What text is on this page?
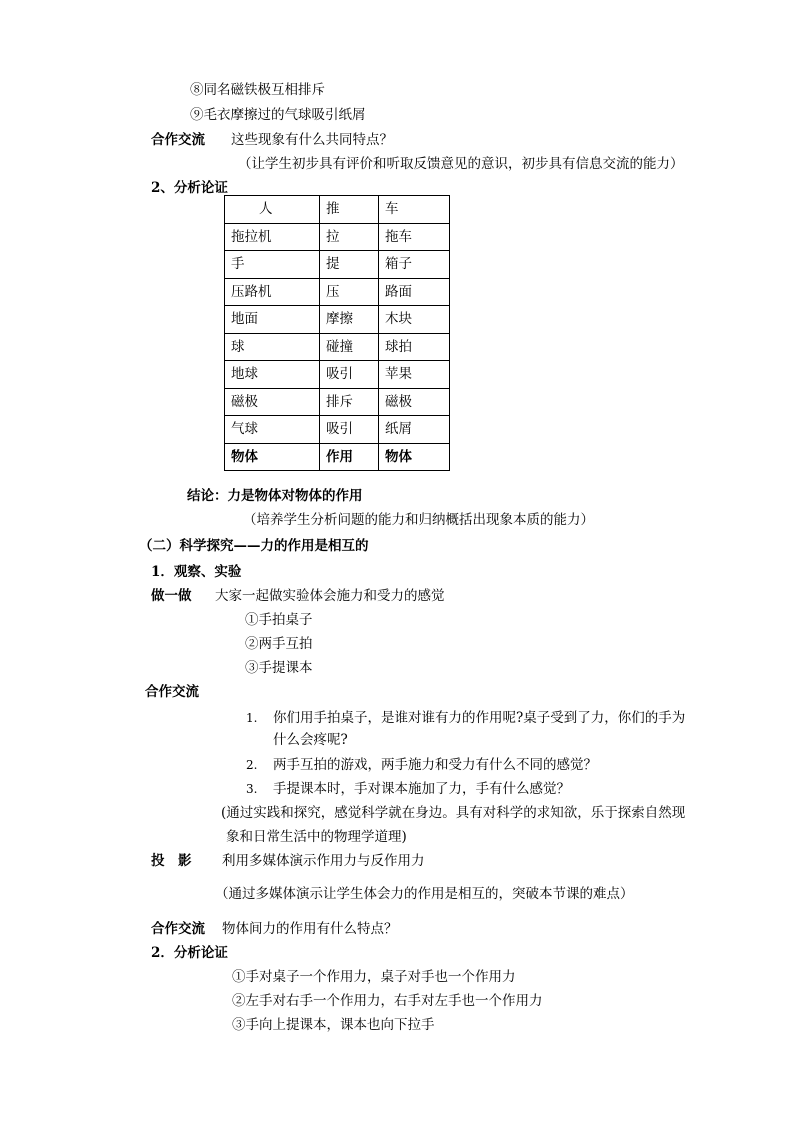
⑧同名磁铁极互相排斥
⑨毛衣摩擦过的气球吸引纸屑
合作交流 这些现象有什么共同特点？
（让学生初步具有评价和听取反馈意见的意识，初步具有信息交流的能力）
2、分析论证
人	推	车
拖拉机	拉	拖车
手	提	箱子
压路机	压	路面
地面	摩擦	木块
球	碰撞	球拍
地球	吸引	苹果
磁极	排斥	磁极
气球	吸引	纸屑
物体	作用	物体
结论：力是物体对物体的作用
（培养学生分析问题的能力和归纳概括出现象本质的能力）
（二）科学探究——力的作用是相互的
1．观察、实验
做一做 大家一起做实验体会施力和受力的感觉
①手拍桌子
②两手互拍
③手提课本
合作交流
1. 你们用手拍桌子，是谁对谁有力的作用呢?桌子受到了力，你们的手为
什么会疼呢?
2. 两手互拍的游戏，两手施力和受力有什么不同的感觉？
3. 手提课本时，手对课本施加了力，手有什么感觉？
(通过实践和探究，感觉科学就在身边。具有对科学的求知欲，乐于探索自然现
象和日常生活中的物理学道理)
投　影 利用多媒体演示作用力与反作用力
（通过多媒体演示让学生体会力的作用是相互的，突破本节课的难点）
合作交流 物体间力的作用有什么特点？
2．分析论证
①手对桌子一个作用力，桌子对手也一个作用力
②左手对右手一个作用力，右手对左手也一个作用力
③手向上提课本，课本也向下拉手
